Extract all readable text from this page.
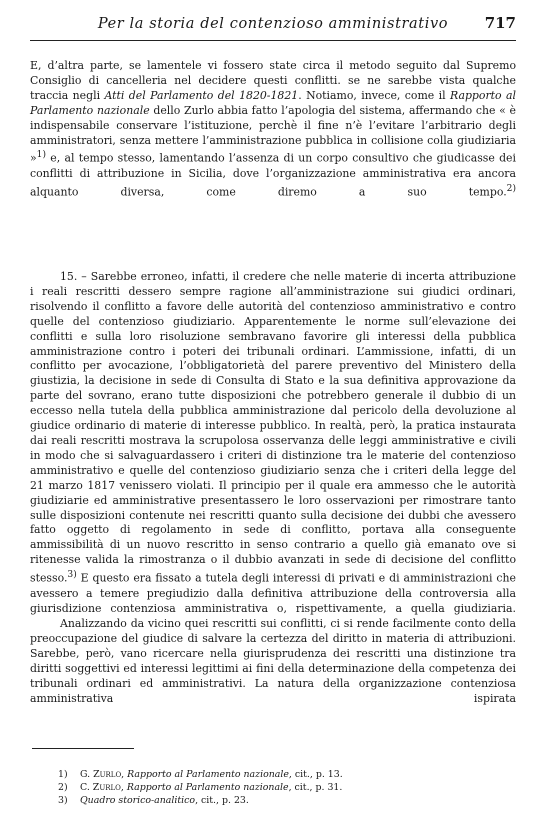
Per la storia del contenzioso amministrativo	717

E, d’altra parte, se lamentele vi fossero state circa il metodo seguito dal Supremo Consiglio di cancelleria nel decidere questi conflitti. se ne sarebbe vista qualche traccia negli Atti del Parlamento del 1820-1821. Notiamo, invece, come il Rapporto al Parlamento nazionale dello Zurlo abbia fatto l’apologia del sistema, affermando che « è indispensabile conservare l’istituzione, perchè il fine n’è l’evitare l’arbitrario degli amministratori, senza mettere l’amministrazione pubblica in collisione colla giudiziaria »$^{1)}$ e, al tempo stesso, lamentando l’assenza di un corpo consultivo che giudicasse dei conflitti di attribuzione in Sicilia, dove l’organizzazione amministrativa era ancora alquanto diversa, come diremo a suo tempo.$^{2)}$

15. – Sarebbe erroneo, infatti, il credere che nelle materie di incerta attribuzione i reali rescritti dessero sempre ragione all’amministrazione sui giudici ordinari, risolvendo il conflitto a favore delle autorità del contenzioso amministrativo e contro quelle del contenzioso giudiziario. Apparentemente le norme sull’elevazione dei conflitti e sulla loro risoluzione sembravano favorire gli interessi della pubblica amministrazione contro i poteri dei tribunali ordinari. L’ammissione, infatti, di un conflitto per avocazione, l’obbligatorietà del parere preventivo del Ministero della giustizia, la decisione in sede di Consulta di Stato e la sua definitiva approvazione da parte del sovrano, erano tutte disposizioni che potrebbero generale il dubbio di un eccesso nella tutela della pubblica amministrazione dal pericolo della devoluzione al giudice ordinario di materie di interesse pubblico. In realtà, però, la pratica instaurata dai reali rescritti mostrava la scrupolosa osservanza delle leggi amministrative e civili in modo che si salvaguardassero i criteri di distinzione tra le materie del contenzioso amministrativo e quelle del contenzioso giudiziario senza che i criteri della legge del 21 marzo 1817 venissero violati. Il principio per il quale era ammesso che le autorità giudiziarie ed amministrative presentassero le loro osservazioni per rimostrare tanto sulle disposizioni contenute nei rescritti quanto sulla decisione dei dubbi che avessero fatto oggetto di regolamento in sede di conflitto, portava alla conseguente ammissibilità di un nuovo rescritto in senso contrario a quello già emanato ove si ritenesse valida la rimostranza o il dubbio avanzati in sede di decisione del conflitto stesso.$^{3)}$ E questo era fissato a tutela degli interessi di privati e di amministrazioni che avessero a temere pregiudizio dalla definitiva attribuzione della controversia alla giurisdizione contenziosa amministrativa o, rispettivamente, a quella giudiziaria.

Analizzando da vicino quei rescritti sui conflitti, ci si rende facilmente conto della preoccupazione del giudice di salvare la certezza del diritto in materia di attribuzioni. Sarebbe, però, vano ricercare nella giurisprudenza dei rescritti una distinzione tra diritti soggettivi ed interessi legittimi ai fini della determinazione della competenza dei tribunali ordinari ed amministrativi. La natura della organizzazione contenziosa amministrativa ispirata

1) G. Zurlo, Rapporto al Parlamento nazionale, cit., p. 13.
2) C. Zurlo, Rapporto al Parlamento nazionale, cit., p. 31.
3) Quadro storico-analitico, cit., p. 23.
